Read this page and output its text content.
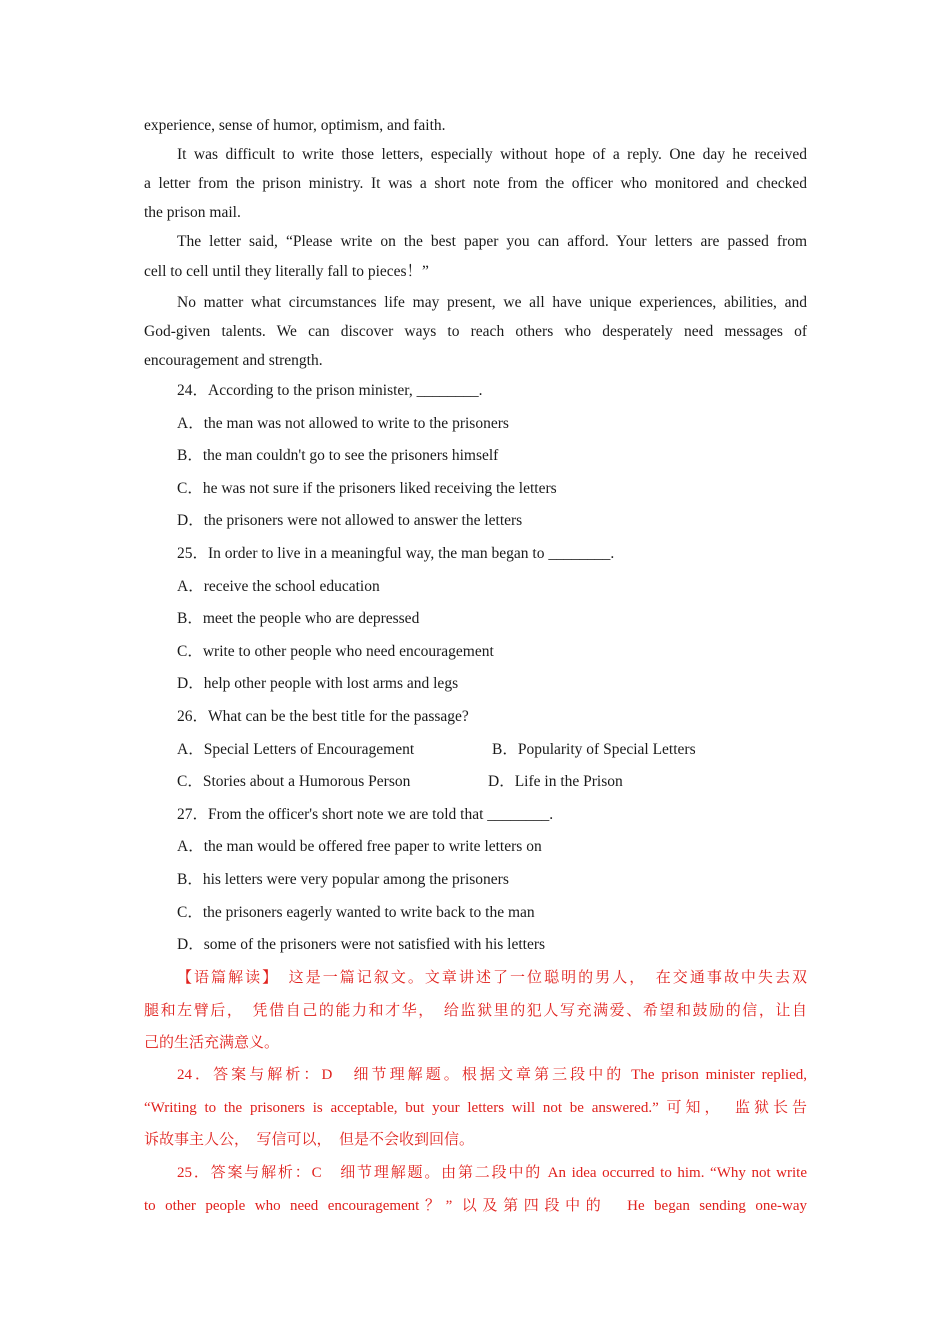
experience, sense of humor, optimism, and faith.
It was difficult to write those letters, especially without hope of a reply. One day he received
a letter from the prison ministry. It was a short note from the officer who monitored and checked
the prison mail.
The letter said, “Please write on the best paper you can afford. Your letters are passed from
cell to cell until they literally fall to pieces！”
No matter what circumstances life may present, we all have unique experiences, abilities, and
God-given talents. We can discover ways to reach others who desperately need messages of
encouragement and strength.
24．According to the prison minister, ________.
A．the man was not allowed to write to the prisoners
B．the man couldn't go to see the prisoners himself
C．he was not sure if the prisoners liked receiving the letters
D．the prisoners were not allowed to answer the letters
25．In order to live in a meaningful way, the man began to ________.
A．receive the school education
B．meet the people who are depressed
C．write to other people who need encouragement
D．help other people with lost arms and legs
26．What can be the best title for the passage?
A．Special Letters of Encouragement	B．Popularity of Special Letters
C．Stories about a Humorous Person	D．Life in the Prison
27．From the officer's short note we are told that ________.
A．the man would be offered free paper to write letters on
B．his letters were very popular among the prisoners
C．the prisoners eagerly wanted to write back to the man
D．some of the prisoners were not satisfied with his letters
【语篇解读】　这是一篇记叙文。文章讲述了一位聪明的男人，　在交通事故中失去双
腿和左臂后，　凭借自己的能力和才华，　给监狱里的犯人写充满爱、希望和鼓励的信，让自
己的生活充满意义。
24．答案与解析：D　细节理解题。根据文章第三段中的 The prison minister replied,
“Writing to the prisoners is acceptable, but your letters will not be answered.” 可知，　监狱长告
诉故事主人公，　写信可以，　但是不会收到回信。
25．答案与解析：C　细节理解题。由第二段中的 An idea occurred to him. “Why not write
to other people who need encouragement？” 以及第四段中的　He began sending one-way
